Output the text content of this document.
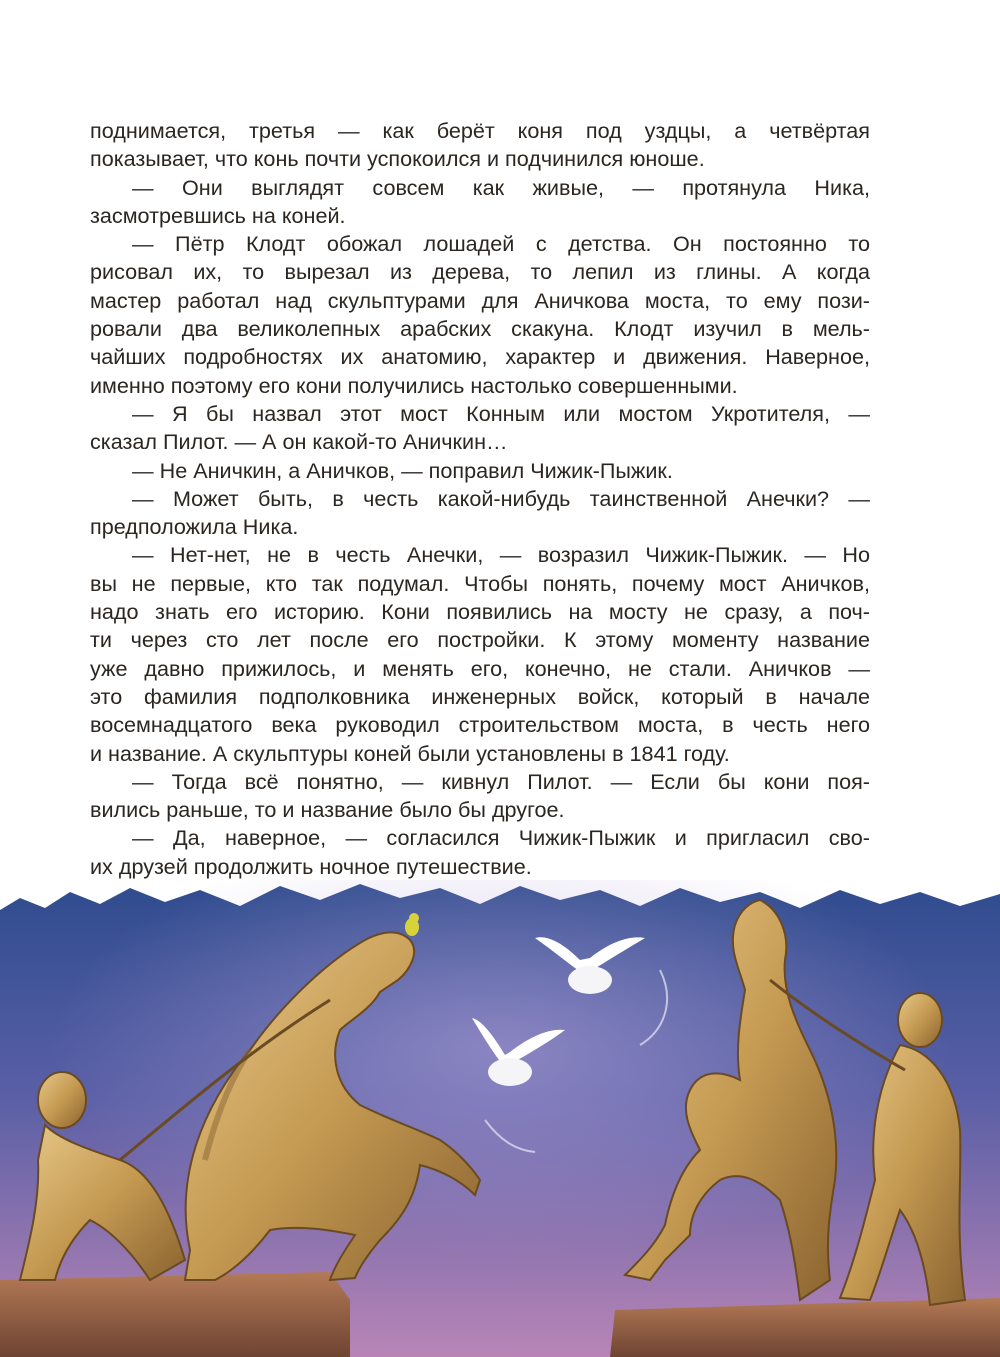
поднимается, третья — как берёт коня под уздцы, а четвёртая
показывает, что конь почти успокоился и подчинился юноше.
— Они выглядят совсем как живые, — протянула Ника,
засмотревшись на коней.
— Пётр Клодт обожал лошадей с детства. Он постоянно то
рисовал их, то вырезал из дерева, то лепил из глины. А когда
мастер работал над скульптурами для Аничкова моста, то ему пози-
ровали два великолепных арабских скакуна. Клодт изучил в мель-
чайших подробностях их анатомию, характер и движения. Наверное,
именно поэтому его кони получились настолько совершенными.
— Я бы назвал этот мост Конным или мостом Укротителя, —
сказал Пилот. — А он какой-то Аничкин…
— Не Аничкин, а Аничков, — поправил Чижик-Пыжик.
— Может быть, в честь какой-нибудь таинственной Анечки? —
предположила Ника.
— Нет-нет, не в честь Анечки, — возразил Чижик-Пыжик. — Но
вы не первые, кто так подумал. Чтобы понять, почему мост Аничков,
надо знать его историю. Кони появились на мосту не сразу, а поч-
ти через сто лет после его постройки. К этому моменту название
уже давно прижилось, и менять его, конечно, не стали. Аничков —
это фамилия подполковника инженерных войск, который в начале
восемнадцатого века руководил строительством моста, в честь него
и название. А скульптуры коней были установлены в 1841 году.
— Тогда всё понятно, — кивнул Пилот. — Если бы кони поя-
вились раньше, то и название было бы другое.
— Да, наверное, — согласился Чижик-Пыжик и пригласил сво-
их друзей продолжить ночное путешествие.
